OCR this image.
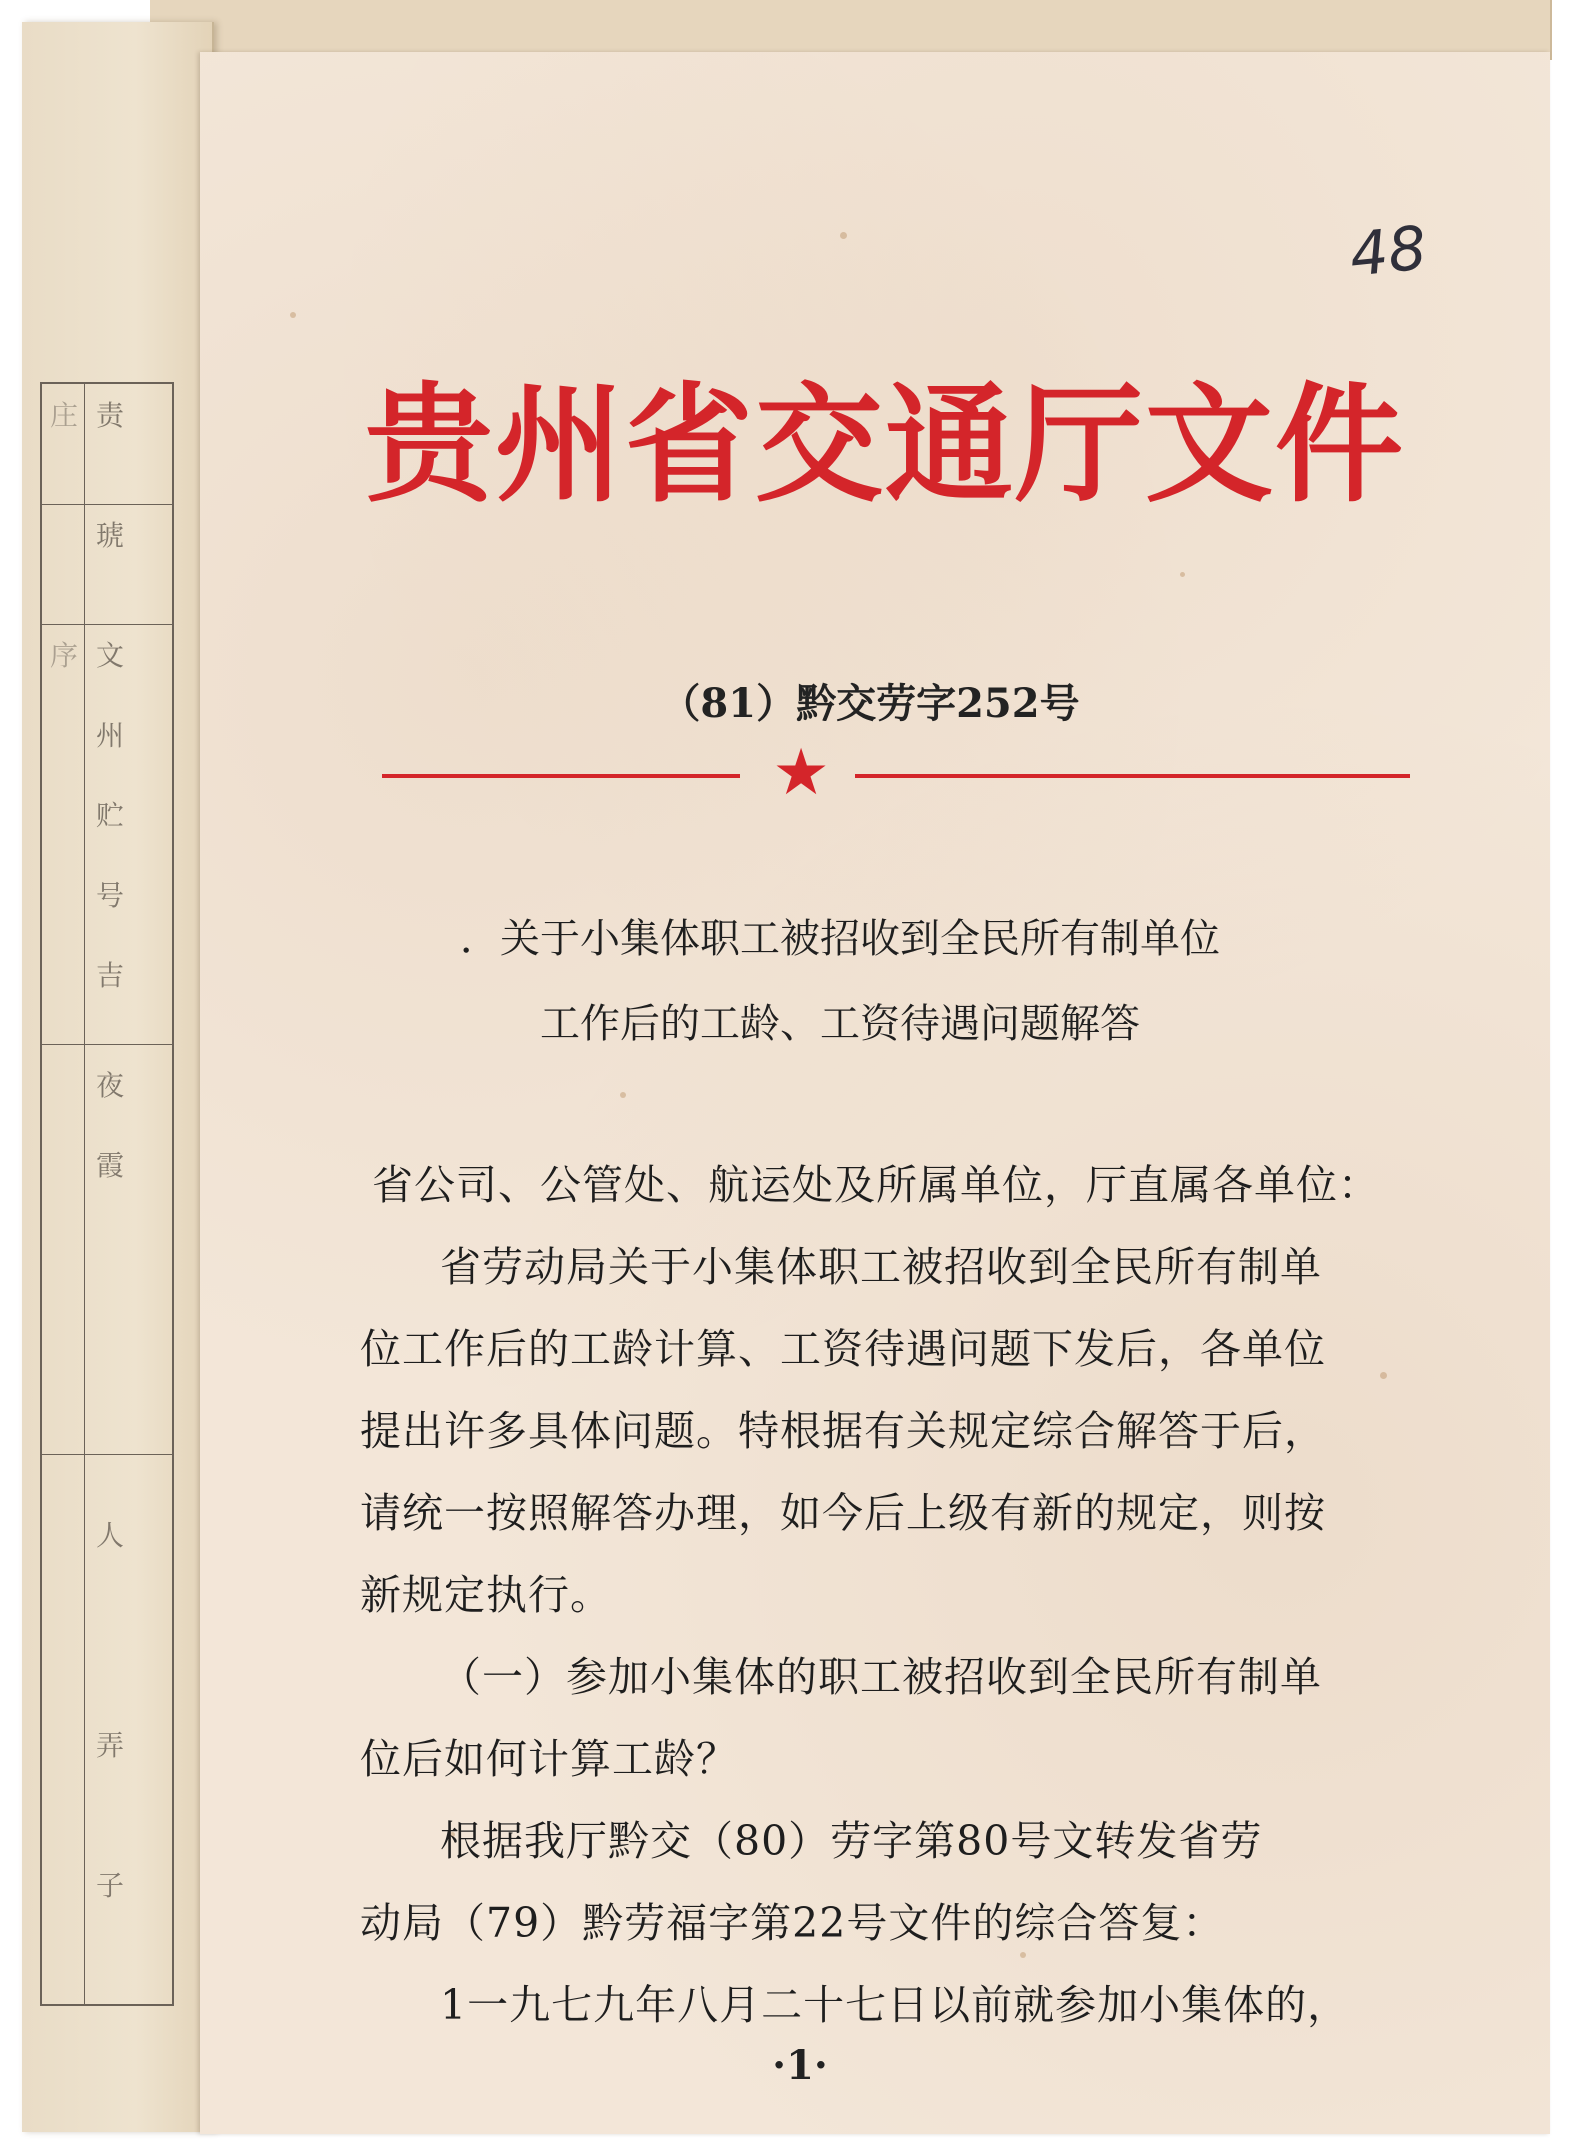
责
琥
文
州
贮
号
吉
夜
霞
人
弄
子
庄
序
48
贵州省交通厅文件
（81）黔交劳字252号
★
．关于小集体职工被招收到全民所有制单位
工作后的工龄、工资待遇问题解答
省公司、公管处、航运处及所属单位，厅直属各单位：
省劳动局关于小集体职工被招收到全民所有制单
位工作后的工龄计算、工资待遇问题下发后，各单位
提出许多具体问题。特根据有关规定综合解答于后，
请统一按照解答办理，如今后上级有新的规定，则按
新规定执行。
（一）参加小集体的职工被招收到全民所有制单
位后如何计算工龄？
根据我厅黔交（80）劳字第80号文转发省劳
动局（79）黔劳福字第22号文件的综合答复：
1一九七九年八月二十七日以前就参加小集体的，
·1·
